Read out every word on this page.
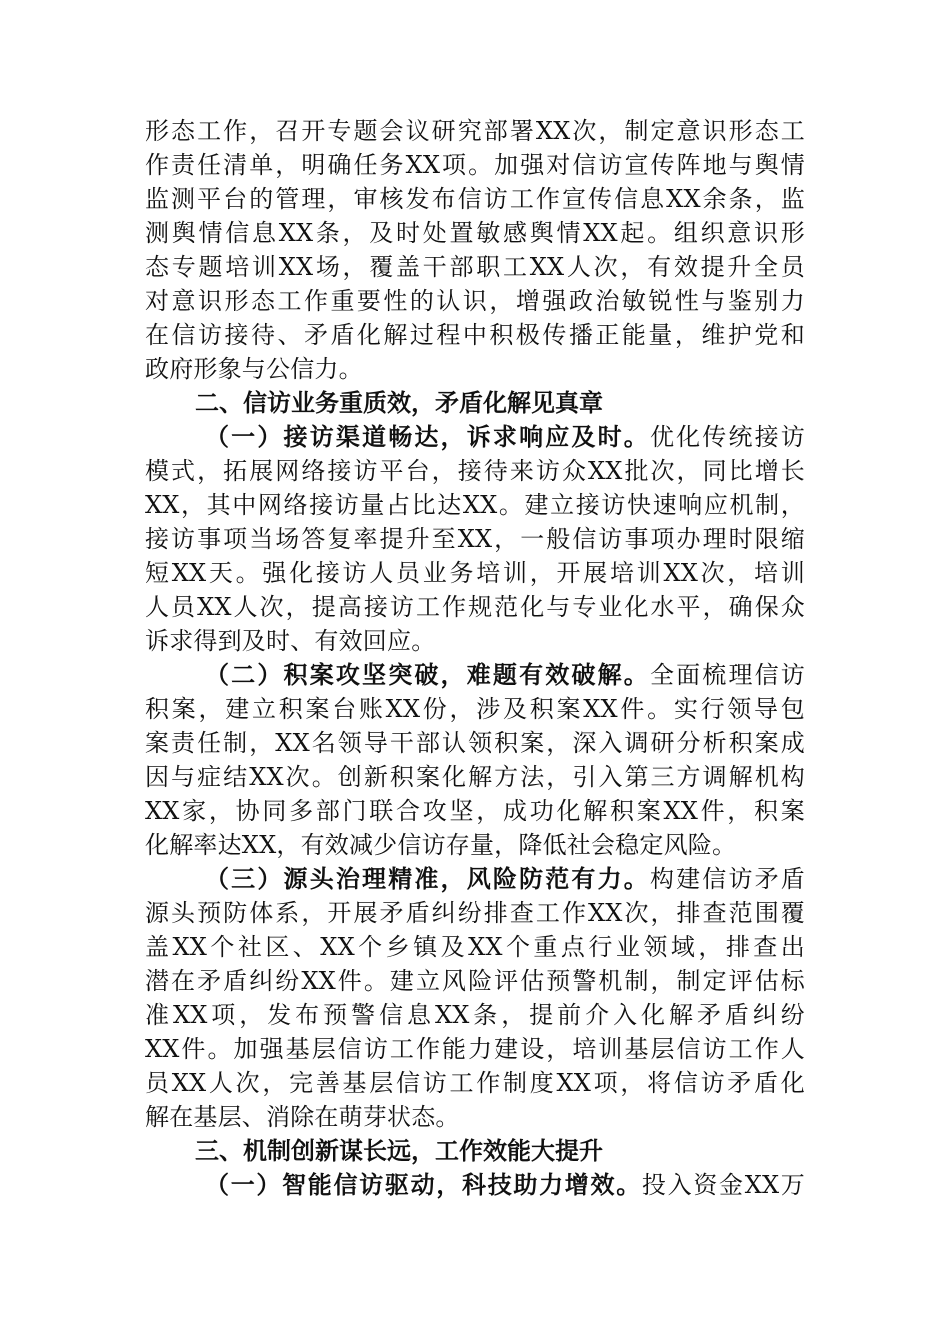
形态工作，召开专题会议研究部署XX次，制定意识形态工
作责任清单，明确任务XX项。加强对信访宣传阵地与舆情
监测平台的管理，审核发布信访工作宣传信息XX余条，监
测舆情信息XX条，及时处置敏感舆情XX起。组织意识形
态专题培训XX场，覆盖干部职工XX人次，有效提升全员
对意识形态工作重要性的认识，增强政治敏锐性与鉴别力
在信访接待、矛盾化解过程中积极传播正能量，维护党和
政府形象与公信力。
二、信访业务重质效，矛盾化解见真章
（一）接访渠道畅达，诉求响应及时。优化传统接访
模式，拓展网络接访平台，接待来访众XX批次，同比增长
XX，其中网络接访量占比达XX。建立接访快速响应机制，
接访事项当场答复率提升至XX，一般信访事项办理时限缩
短XX天。强化接访人员业务培训，开展培训XX次，培训
人员XX人次，提高接访工作规范化与专业化水平，确保众
诉求得到及时、有效回应。
（二）积案攻坚突破，难题有效破解。全面梳理信访
积案，建立积案台账XX份，涉及积案XX件。实行领导包
案责任制，XX名领导干部认领积案，深入调研分析积案成
因与症结XX次。创新积案化解方法，引入第三方调解机构
XX家，协同多部门联合攻坚，成功化解积案XX件，积案
化解率达XX，有效减少信访存量，降低社会稳定风险。
（三）源头治理精准，风险防范有力。构建信访矛盾
源头预防体系，开展矛盾纠纷排查工作XX次，排查范围覆
盖XX个社区、XX个乡镇及XX个重点行业领域，排查出
潜在矛盾纠纷XX件。建立风险评估预警机制，制定评估标
准XX项，发布预警信息XX条，提前介入化解矛盾纠纷
XX件。加强基层信访工作能力建设，培训基层信访工作人
员XX人次，完善基层信访工作制度XX项，将信访矛盾化
解在基层、消除在萌芽状态。
三、机制创新谋长远，工作效能大提升
（一）智能信访驱动，科技助力增效。投入资金XX万
